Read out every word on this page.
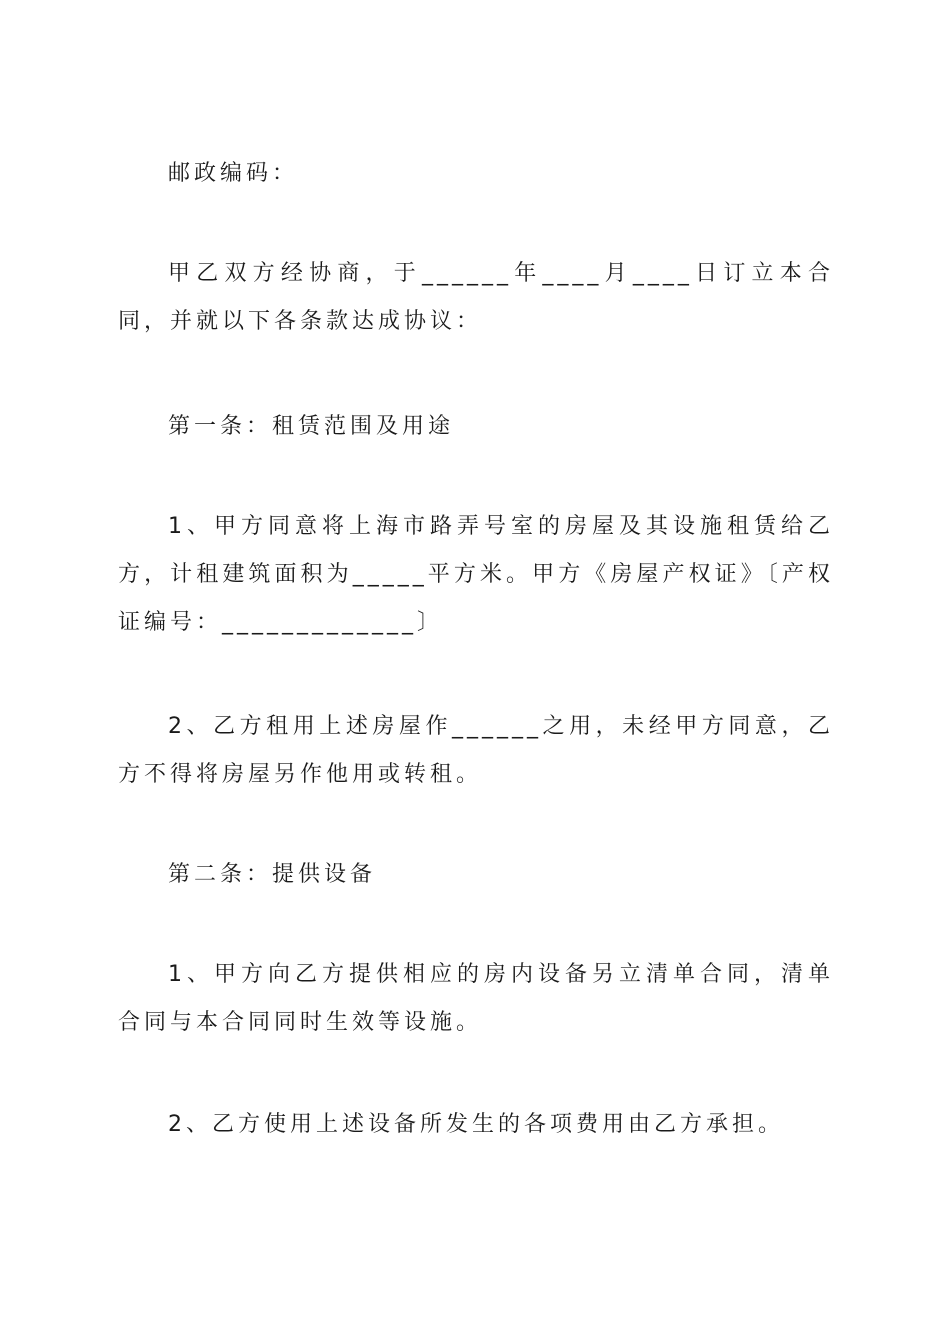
邮政编码：

甲乙双方经协商，于______年____月____日订立本合同，并就以下各条款达成协议：

第一条：租赁范围及用途

1、甲方同意将上海市路弄号室的房屋及其设施租赁给乙方，计租建筑面积为_____平方米。甲方《房屋产权证》〔产权证编号：_____________〕

2、乙方租用上述房屋作______之用，未经甲方同意，乙方不得将房屋另作他用或转租。

第二条：提供设备

1、甲方向乙方提供相应的房内设备另立清单合同，清单合同与本合同同时生效等设施。

2、乙方使用上述设备所发生的各项费用由乙方承担。
